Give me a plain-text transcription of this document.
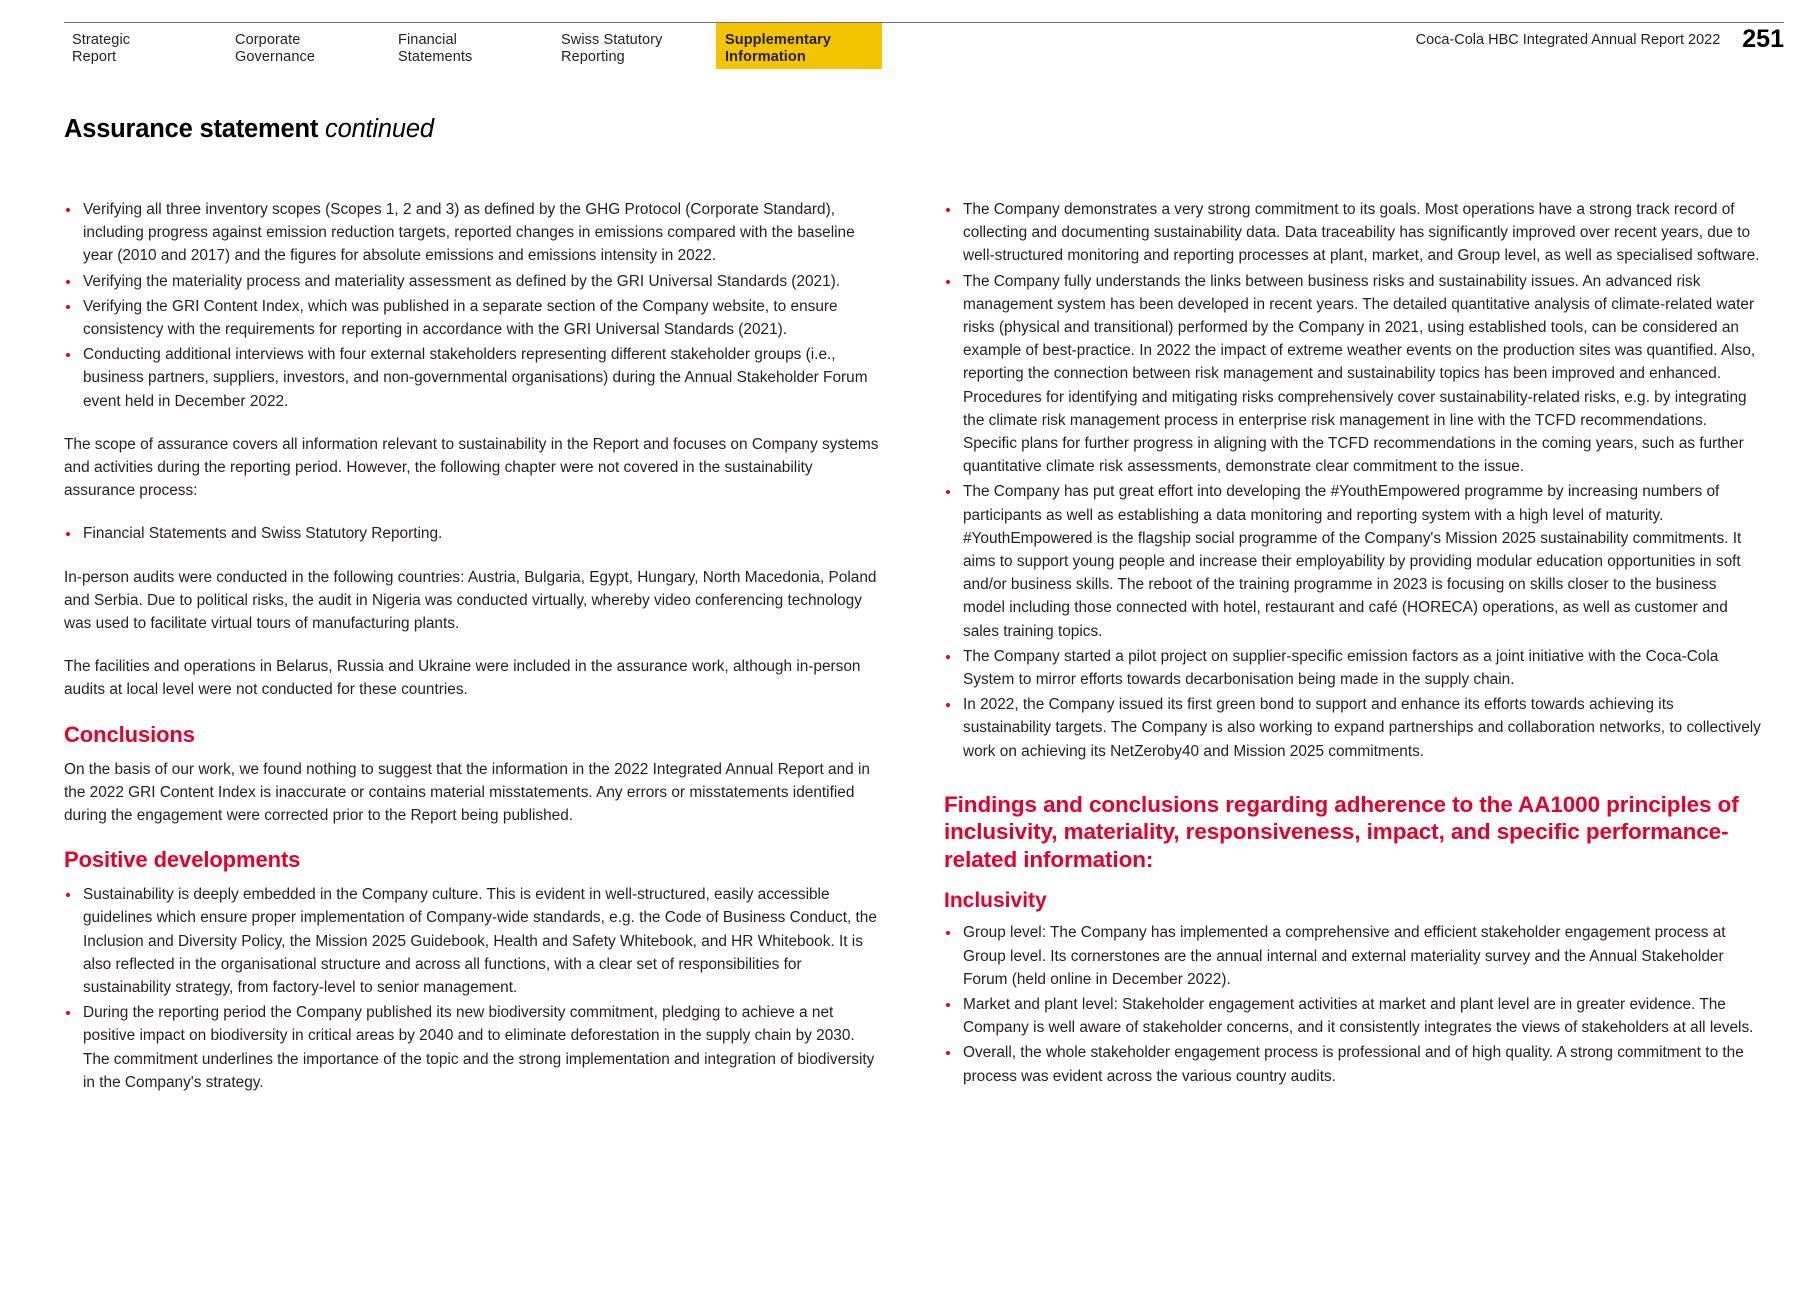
Strategic
Report
Corporate
Governance
Financial
Statements
Swiss Statutory
Reporting
Supplementary
Information
Coca-Cola HBC Integrated Annual Report 2022 251
Assurance statement continued
Verifying all three inventory scopes (Scopes 1, 2 and 3) as defined by the GHG Protocol (Corporate Standard), including progress against emission reduction targets, reported changes in emissions compared with the baseline year (2010 and 2017) and the figures for absolute emissions and emissions intensity in 2022.
Verifying the materiality process and materiality assessment as defined by the GRI Universal Standards (2021).
Verifying the GRI Content Index, which was published in a separate section of the Company website, to ensure consistency with the requirements for reporting in accordance with the GRI Universal Standards (2021).
Conducting additional interviews with four external stakeholders representing different stakeholder groups (i.e., business partners, suppliers, investors, and non-governmental organisations) during the Annual Stakeholder Forum event held in December 2022.

The scope of assurance covers all information relevant to sustainability in the Report and focuses on Company systems and activities during the reporting period. However, the following chapter were not covered in the sustainability assurance process:

Financial Statements and Swiss Statutory Reporting.

In-person audits were conducted in the following countries: Austria, Bulgaria, Egypt, Hungary, North Macedonia, Poland and Serbia. Due to political risks, the audit in Nigeria was conducted virtually, whereby video conferencing technology was used to facilitate virtual tours of manufacturing plants.

The facilities and operations in Belarus, Russia and Ukraine were included in the assurance work, although in-person audits at local level were not conducted for these countries.

Conclusions

On the basis of our work, we found nothing to suggest that the information in the 2022 Integrated Annual Report and in the 2022 GRI Content Index is inaccurate or contains material misstatements. Any errors or misstatements identified during the engagement were corrected prior to the Report being published.

Positive developments
Sustainability is deeply embedded in the Company culture. This is evident in well-structured, easily accessible guidelines which ensure proper implementation of Company-wide standards, e.g. the Code of Business Conduct, the Inclusion and Diversity Policy, the Mission 2025 Guidebook, Health and Safety Whitebook, and HR Whitebook. It is also reflected in the organisational structure and across all functions, with a clear set of responsibilities for sustainability strategy, from factory-level to senior management.
During the reporting period the Company published its new biodiversity commitment, pledging to achieve a net positive impact on biodiversity in critical areas by 2040 and to eliminate deforestation in the supply chain by 2030. The commitment underlines the importance of the topic and the strong implementation and integration of biodiversity in the Company's strategy.
The Company demonstrates a very strong commitment to its goals. Most operations have a strong track record of collecting and documenting sustainability data. Data traceability has significantly improved over recent years, due to well-structured monitoring and reporting processes at plant, market, and Group level, as well as specialised software.
The Company fully understands the links between business risks and sustainability issues. An advanced risk management system has been developed in recent years. The detailed quantitative analysis of climate-related water risks (physical and transitional) performed by the Company in 2021, using established tools, can be considered an example of best-practice. In 2022 the impact of extreme weather events on the production sites was quantified. Also, reporting the connection between risk management and sustainability topics has been improved and enhanced. Procedures for identifying and mitigating risks comprehensively cover sustainability-related risks, e.g. by integrating the climate risk management process in enterprise risk management in line with the TCFD recommendations. Specific plans for further progress in aligning with the TCFD recommendations in the coming years, such as further quantitative climate risk assessments, demonstrate clear commitment to the issue.
The Company has put great effort into developing the #YouthEmpowered programme by increasing numbers of participants as well as establishing a data monitoring and reporting system with a high level of maturity. #YouthEmpowered is the flagship social programme of the Company's Mission 2025 sustainability commitments. It aims to support young people and increase their employability by providing modular education opportunities in soft and/or business skills. The reboot of the training programme in 2023 is focusing on skills closer to the business model including those connected with hotel, restaurant and café (HORECA) operations, as well as customer and sales training topics.
The Company started a pilot project on supplier-specific emission factors as a joint initiative with the Coca-Cola System to mirror efforts towards decarbonisation being made in the supply chain.
In 2022, the Company issued its first green bond to support and enhance its efforts towards achieving its sustainability targets. The Company is also working to expand partnerships and collaboration networks, to collectively work on achieving its NetZeroby40 and Mission 2025 commitments.
Findings and conclusions regarding adherence to the AA1000 principles of inclusivity, materiality, responsiveness, impact, and specific performance-related information:
Inclusivity
Group level: The Company has implemented a comprehensive and efficient stakeholder engagement process at Group level. Its cornerstones are the annual internal and external materiality survey and the Annual Stakeholder Forum (held online in December 2022).
Market and plant level: Stakeholder engagement activities at market and plant level are in greater evidence. The Company is well aware of stakeholder concerns, and it consistently integrates the views of stakeholders at all levels.
Overall, the whole stakeholder engagement process is professional and of high quality. A strong commitment to the process was evident across the various country audits.
